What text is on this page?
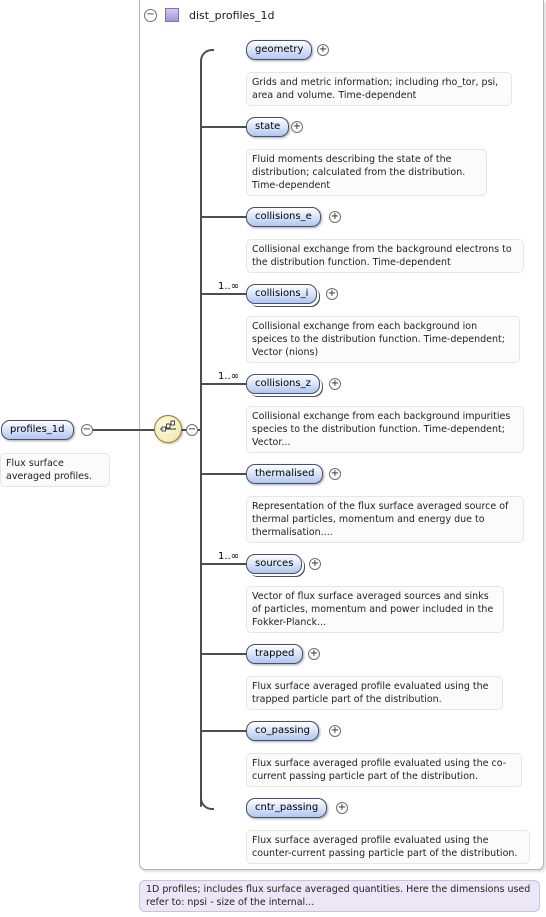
−	dist_profiles_1d
profiles_1d	−
Flux surface averaged profiles.
−
state
geometry	+
Grids and metric information; including rho_tor, psi, area and volume. Time-dependent
+
Fluid moments describing the state of the distribution; calculated from the distribution. Time-dependent
collisions_e	+
Collisional exchange from the background electrons to the distribution function. Time-dependent
1..∞
collisions_i	+
Collisional exchange from each background ion speices to the distribution function. Time-dependent; Vector (nions)
1..∞
collisions_z	+
Collisional exchange from each background impurities species to the distribution function. Time-dependent; Vector...
thermalised	+
Representation of the flux surface averaged source of thermal particles, momentum and energy due to thermalisation....
1..∞
sources	+
Vector of flux surface averaged sources and sinks of particles, momentum and power included in the Fokker-Planck...
trapped	+
Flux surface averaged profile evaluated using the trapped particle part of the distribution.
co_passing	+
Flux surface averaged profile evaluated using the co-current passing particle part of the distribution.
cntr_passing	+
Flux surface averaged profile evaluated using the counter-current passing particle part of the distribution.
1D profiles; includes flux surface averaged quantities. Here the dimensions used refer to: npsi - size of the internal...
